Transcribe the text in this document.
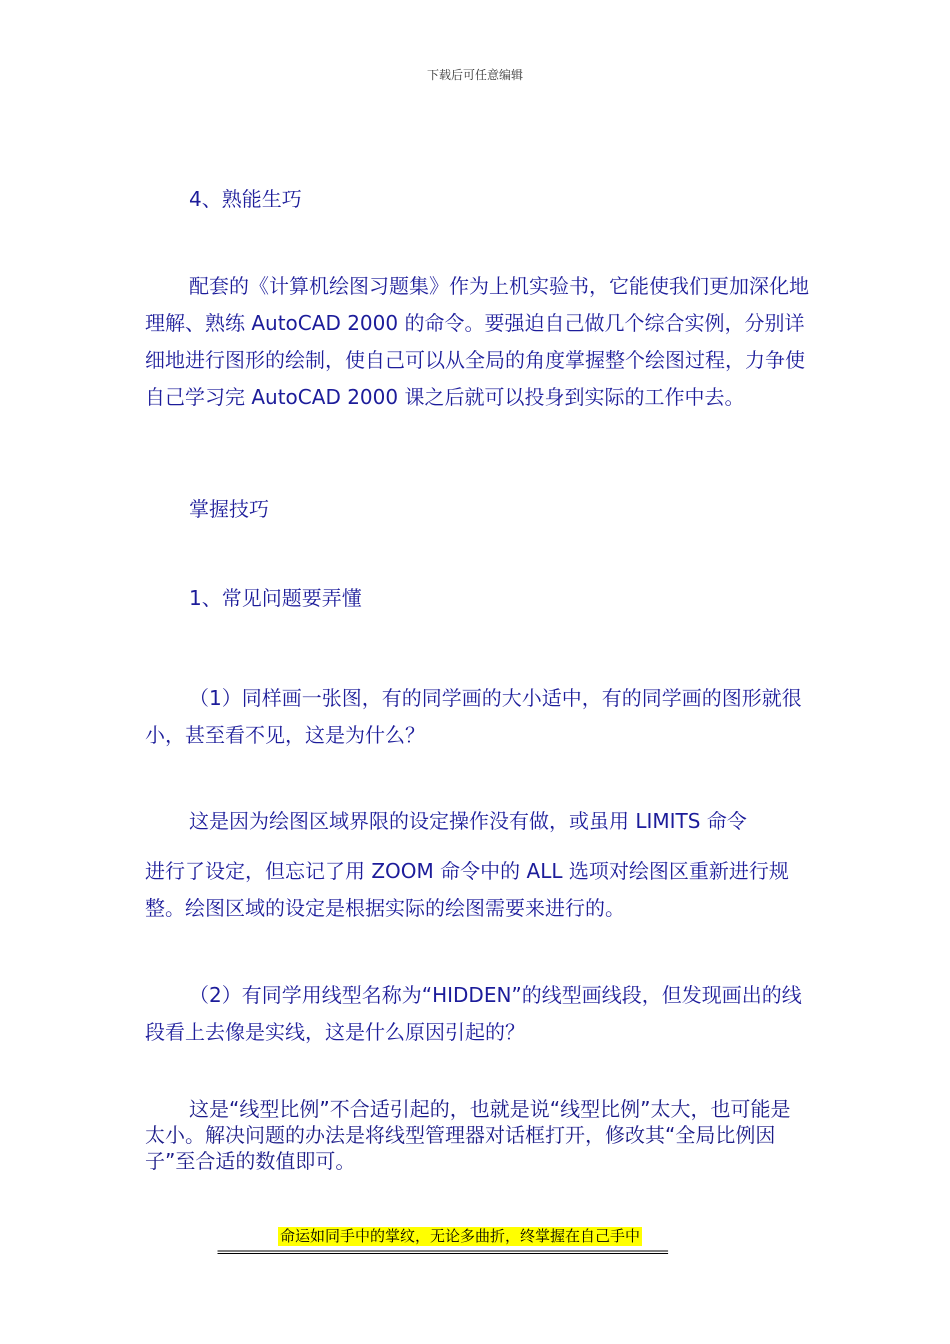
下载后可任意编辑

4、熟能生巧

配套的《计算机绘图习题集》作为上机实验书，它能使我们更加深化地理解、熟练 AutoCAD 2000 的命令。要强迫自己做几个综合实例，分别详细地进行图形的绘制，使自己可以从全局的角度掌握整个绘图过程，力争使自己学习完 AutoCAD 2000 课之后就可以投身到实际的工作中去。

掌握技巧

1、常见问题要弄懂

（1）同样画一张图，有的同学画的大小适中，有的同学画的图形就很小，甚至看不见，这是为什么？

这是因为绘图区域界限的设定操作没有做，或虽用 LIMITS 命令

进行了设定，但忘记了用 ZOOM 命令中的 ALL 选项对绘图区重新进行规整。绘图区域的设定是根据实际的绘图需要来进行的。

（2）有同学用线型名称为“HIDDEN”的线型画线段，但发现画出的线段看上去像是实线，这是什么原因引起的？

这是“线型比例”不合适引起的，也就是说“线型比例”太大，也可能是太小。解决问题的办法是将线型管理器对话框打开，修改其“全局比例因子”至合适的数值即可。

命运如同手中的掌纹，无论多曲折，终掌握在自己手中
================================================================================
